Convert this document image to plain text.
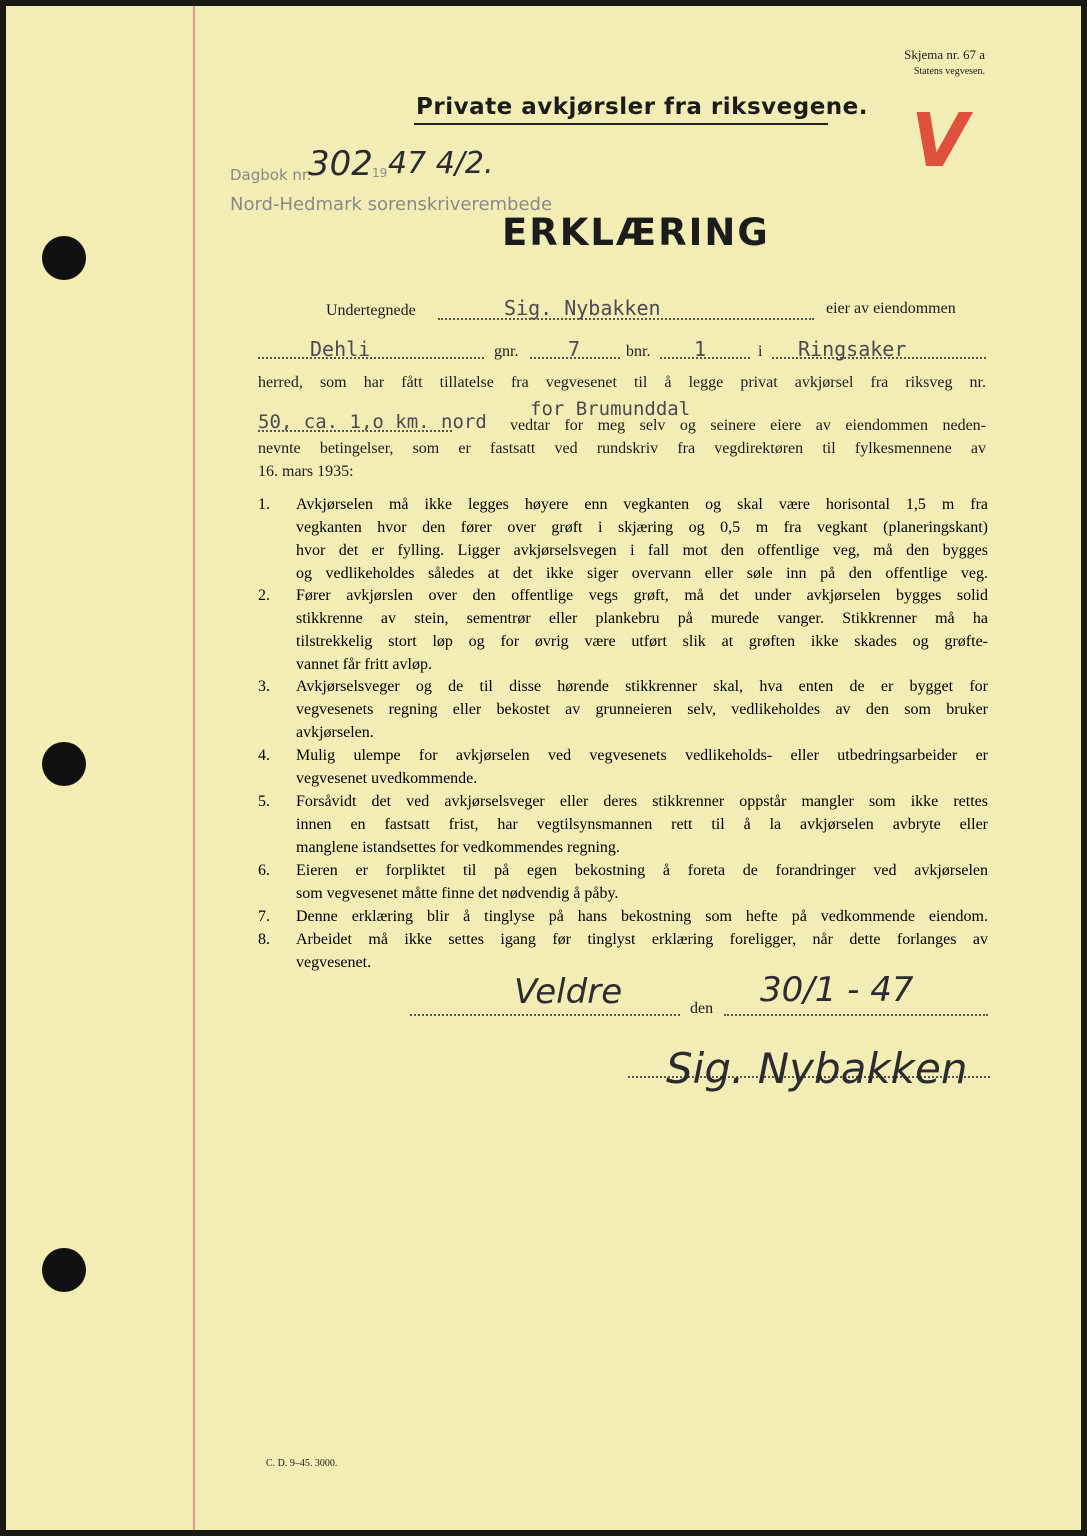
Skjema nr. 67 a
Statens vegvesen.
Private avkjørsler fra riksvegene. V
Dagbok nr.
302 19 47 4/2.
Nord-Hedmark sorenskriverembede
ERKLÆRING
Undertegnede	Sig. Nybakken	eier av eiendommen
Dehli	gnr. 7	bnr. 1	i Ringsaker
herred, som har fått tillatelse fra vegvesenet til å legge privat avkjørsel fra riksveg nr.
50, ca. 1,o km. nord
for Brumunddal
vedtar for meg selv og seinere eiere av eiendommen neden-
nevnte betingelser, som er fastsatt ved rundskriv fra vegdirektøren til fylkesmennene av
16. mars 1935:
1. Avkjørselen må ikke legges høyere enn vegkanten og skal være horisontal 1,5 m fra
vegkanten hvor den fører over grøft i skjæring og 0,5 m fra vegkant (planeringskant)
hvor det er fylling. Ligger avkjørselsvegen i fall mot den offentlige veg, må den bygges
og vedlikeholdes således at det ikke siger overvann eller søle inn på den offentlige veg.
2. Fører avkjørslen over den offentlige vegs grøft, må det under avkjørselen bygges solid
stikkrenne av stein, sementrør eller plankebru på murede vanger. Stikkrenner må ha
tilstrekkelig stort løp og for øvrig være utført slik at grøften ikke skades og grøfte-
vannet får fritt avløp.
3. Avkjørselsveger og de til disse hørende stikkrenner skal, hva enten de er bygget for
vegvesenets regning eller bekostet av grunneieren selv, vedlikeholdes av den som bruker
avkjørselen.
4. Mulig ulempe for avkjørselen ved vegvesenets vedlikeholds- eller utbedringsarbeider er
vegvesenet uvedkommende.
5. Forsåvidt det ved avkjørselsveger eller deres stikkrenner oppstår mangler som ikke rettes
innen en fastsatt frist, har vegtilsynsmannen rett til å la avkjørselen avbryte eller
manglene istandsettes for vedkommendes regning.
6. Eieren er forpliktet til på egen bekostning å foreta de forandringer ved avkjørselen
som vegvesenet måtte finne det nødvendig å påby.
7. Denne erklæring blir å tinglyse på hans bekostning som hefte på vedkommende eiendom.
8. Arbeidet må ikke settes igang før tinglyst erklæring foreligger, når dette forlanges av
vegvesenet.
Veldre	den 30/1 - 47
Sig. Nybakken
C. D. 9–45. 3000.
